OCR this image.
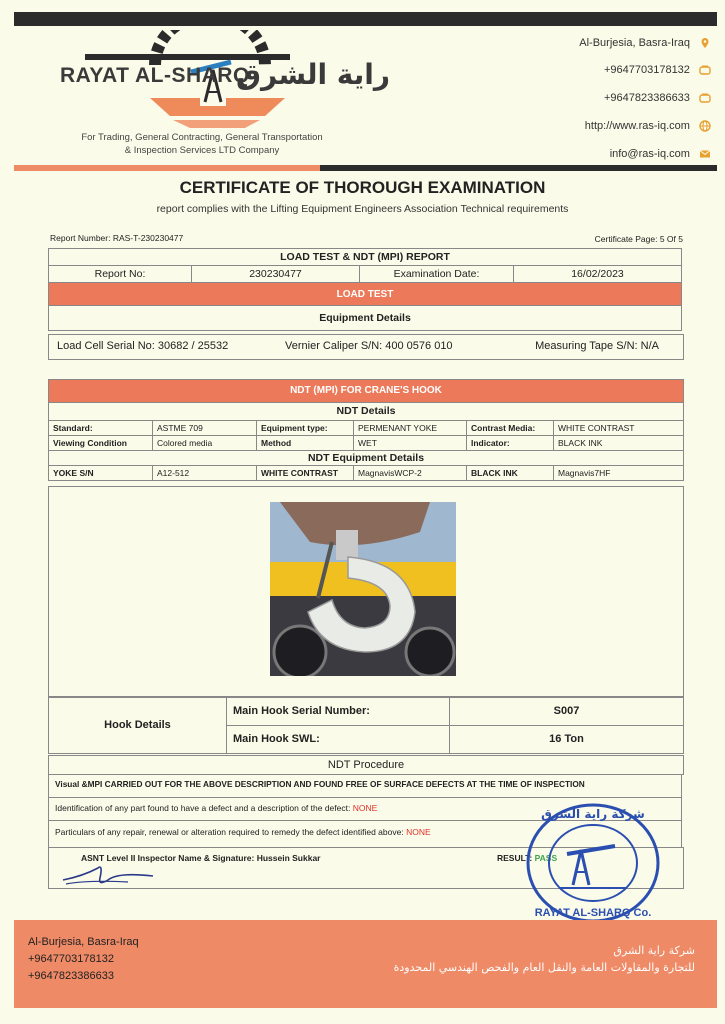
RAYAT AL-SHARQ
راية الشرق
For Trading, General Contracting, General Transportation
& Inspection Services LTD Company
Al-Burjesia, Basra-Iraq
+9647703178132
+9647823386633
http://www.ras-iq.com
info@ras-iq.com
CERTIFICATE OF THOROUGH EXAMINATION
report complies with the Lifting Equipment Engineers Association Technical requirements
Report Number: RAS-T-230230477	Certificate Page: 5 Of 5
LOAD TEST & NDT (MPI) REPORT
Report No:	230230477	Examination Date:	16/02/2023
LOAD TEST
Equipment Details
Load Cell Serial No: 30682 / 25532	Vernier Caliper S/N: 400 0576 010	Measuring Tape S/N: N/A
NDT (MPI) FOR CRANE'S HOOK
NDT Details
Standard:	ASTME 709	Equipment type:	PERMENANT YOKE	Contrast Media:	WHITE CONTRAST
Viewing Condition	Colored media	Method	WET	Indicator:	BLACK INK
NDT Equipment Details					
YOKE S/N	A12-512	WHITE CONTRAST	MagnavisWCP-2	BLACK INK	Magnavis7HF
Hook Details	Main Hook Serial Number:	S007
	Main Hook SWL:	16 Ton
NDT Procedure
Visual &MPI CARRIED OUT FOR THE ABOVE DESCRIPTION AND FOUND FREE OF SURFACE DEFECTS AT THE TIME OF INSPECTION
Identification of any part found to have a defect and a description of the defect: NONE
Particulars of any repair, renewal or alteration required to remedy the defect identified above: NONE
ASNT Level II Inspector Name & Signature: Hussein Sukkar	RESULT: PASS
شركة راية الشرق
RAYAT AL-SHARQ Co.
Al-Burjesia, Basra-Iraq
+9647703178132
+9647823386633
شركة راية الشرق
للتجارة والمقاولات العامة والنقل العام والفحص الهندسي المحدودة
